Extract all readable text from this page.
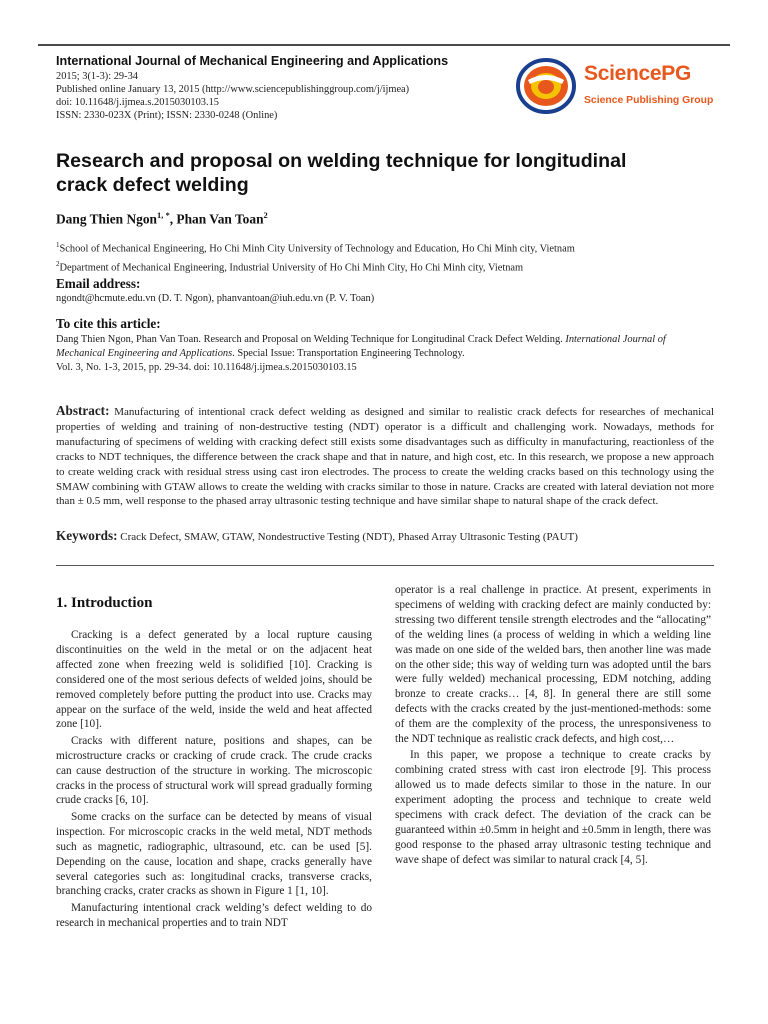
International Journal of Mechanical Engineering and Applications
2015; 3(1-3): 29-34
Published online January 13, 2015 (http://www.sciencepublishinggroup.com/j/ijmea)
doi: 10.11648/j.ijmea.s.2015030103.15
ISSN: 2330-023X (Print); ISSN: 2330-0248 (Online)
SciencePG
Science Publishing Group
Research and proposal on welding technique for longitudinal crack defect welding
Dang Thien Ngon$^{1, *}$, Phan Van Toan$^2$
$^1$School of Mechanical Engineering, Ho Chi Minh City University of Technology and Education, Ho Chi Minh city, Vietnam
$^2$Department of Mechanical Engineering, Industrial University of Ho Chi Minh City, Ho Chi Minh city, Vietnam
Email address:
ngondt@hcmute.edu.vn (D. T. Ngon), phanvantoan@iuh.edu.vn (P. V. Toan)
To cite this article:
Dang Thien Ngon, Phan Van Toan. Research and Proposal on Welding Technique for Longitudinal Crack Defect Welding. International Journal of Mechanical Engineering and Applications. Special Issue: Transportation Engineering Technology.
Vol. 3, No. 1-3, 2015, pp. 29-34. doi: 10.11648/j.ijmea.s.2015030103.15
Abstract: Manufacturing of intentional crack defect welding as designed and similar to realistic crack defects for researches of mechanical properties of welding and training of non-destructive testing (NDT) operator is a difficult and challenging work. Nowadays, methods for manufacturing of specimens of welding with cracking defect still exists some disadvantages such as difficulty in manufacturing, reactionless of the cracks to NDT techniques, the difference between the crack shape and that in nature, and high cost, etc. In this research, we propose a new approach to create welding crack with residual stress using cast iron electrodes. The process to create the welding cracks based on this technology using the SMAW combining with GTAW allows to create the welding with cracks similar to those in nature. Cracks are created with lateral deviation not more than ± 0.5 mm, well response to the phased array ultrasonic testing technique and have similar shape to natural shape of the crack defect.
Keywords: Crack Defect, SMAW, GTAW, Nondestructive Testing (NDT), Phased Array Ultrasonic Testing (PAUT)
1. Introduction

Cracking is a defect generated by a local rupture causing discontinuities on the weld in the metal or on the adjacent heat affected zone when freezing weld is solidified [10]. Cracking is considered one of the most serious defects of welded joins, should be removed completely before putting the product into use. Cracks may appear on the surface of the weld, inside the weld and heat affected zone [10].

Cracks with different nature, positions and shapes, can be microstructure cracks or cracking of crude crack. The crude cracks can cause destruction of the structure in working. The microscopic cracks in the process of structural work will spread gradually forming crude cracks [6, 10].

Some cracks on the surface can be detected by means of visual inspection. For microscopic cracks in the weld metal, NDT methods such as magnetic, radiographic, ultrasound, etc. can be used [5]. Depending on the cause, location and shape, cracks generally have several categories such as: longitudinal cracks, transverse cracks, branching cracks, crater cracks as shown in Figure 1 [1, 10].

Manufacturing intentional crack welding’s defect welding to do research in mechanical properties and to train NDT

operator is a real challenge in practice. At present, experiments in specimens of welding with cracking defect are mainly conducted by: stressing two different tensile strength electrodes and the “allocating” of the welding lines (a process of welding in which a welding line was made on one side of the welded bars, then another line was made on the other side; this way of welding turn was adopted until the bars were fully welded) mechanical processing, EDM notching, adding bronze to create cracks… [4, 8]. In general there are still some defects with the cracks created by the just-mentioned-methods: some of them are the complexity of the process, the unresponsiveness to the NDT technique as realistic crack defects, and high cost,…

In this paper, we propose a technique to create cracks by combining crated stress with cast iron electrode [9]. This process allowed us to made defects similar to those in the nature. In our experiment adopting the process and technique to create weld specimens with crack defect. The deviation of the crack can be guaranteed within ±0.5mm in height and ±0.5mm in length, there was good response to the phased array ultrasonic testing technique and wave shape of defect was similar to natural crack [4, 5].
